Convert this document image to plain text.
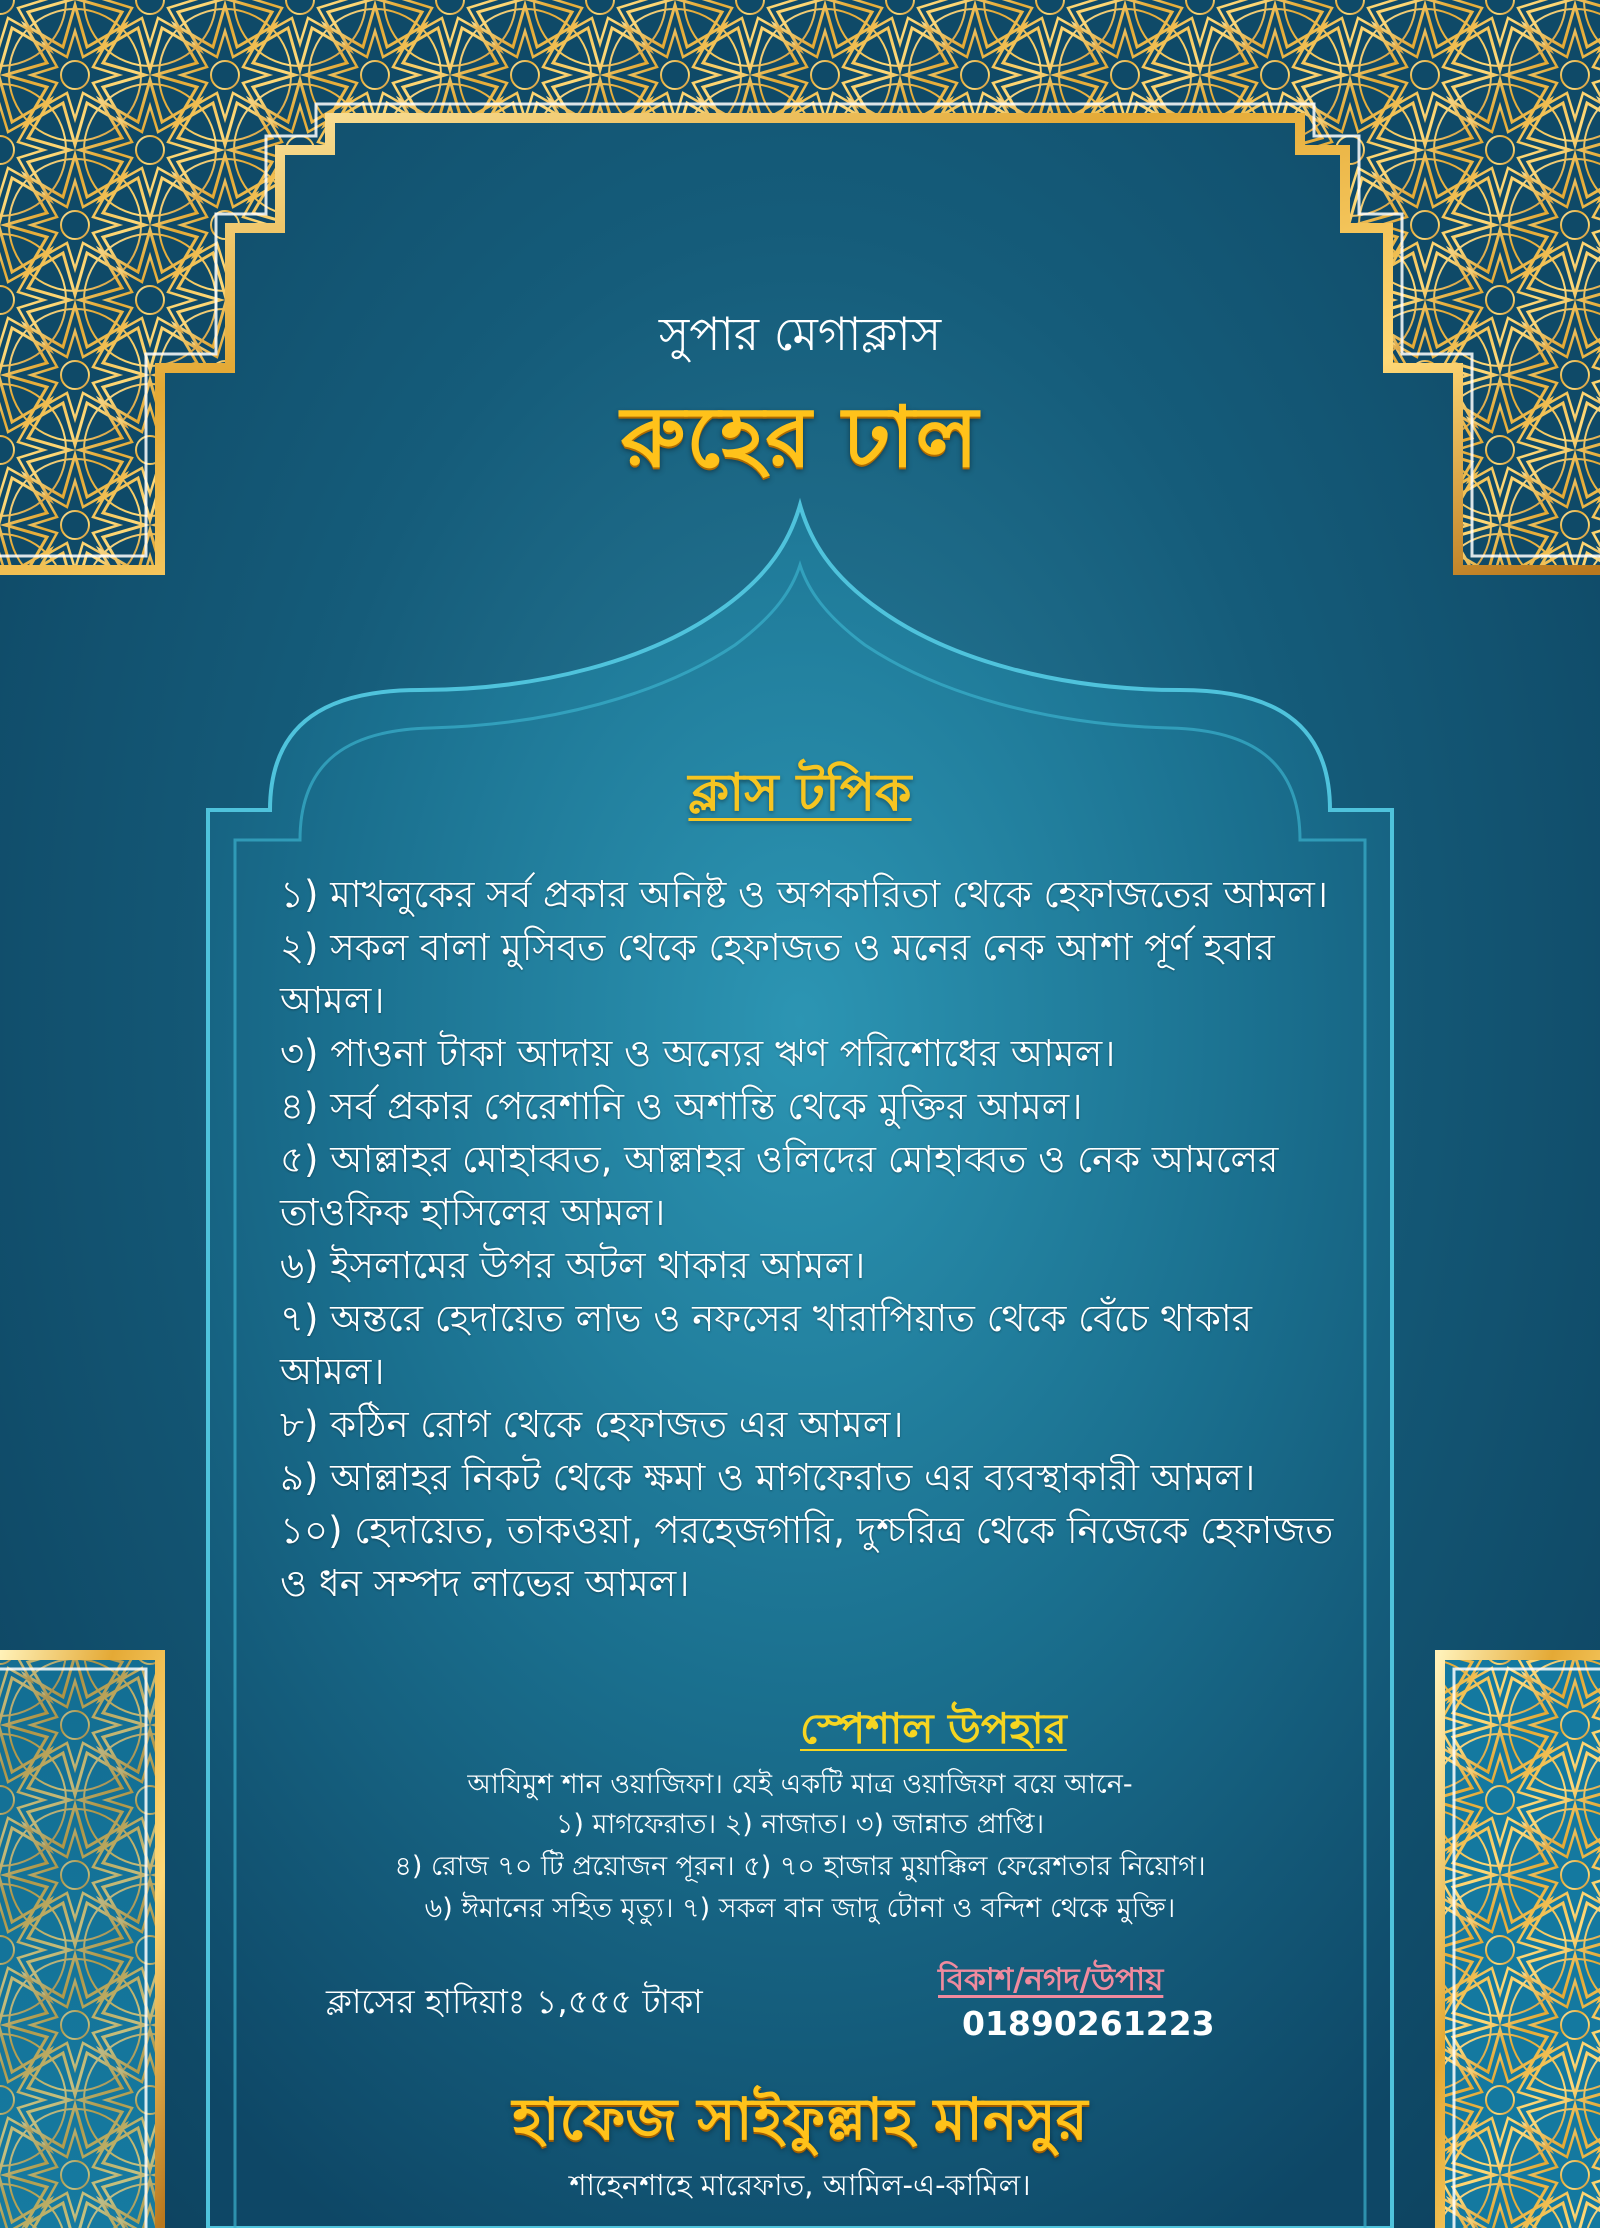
সুপার মেগাক্লাস
রুহের ঢাল
ক্লাস টপিক
১) মাখলুকের সর্ব প্রকার অনিষ্ট ও অপকারিতা থেকে হেফাজতের আমল।
২) সকল বালা মুসিবত থেকে হেফাজত ও মনের নেক আশা পূর্ণ হবার আমল।
৩) পাওনা টাকা আদায় ও অন্যের ঋণ পরিশোধের আমল।
৪) সর্ব প্রকার পেরেশানি ও অশান্তি থেকে মুক্তির আমল।
৫) আল্লাহর মোহাব্বত, আল্লাহর ওলিদের মোহাব্বত ও নেক আমলের তাওফিক হাসিলের আমল।
৬) ইসলামের উপর অটল থাকার আমল।
৭) অন্তরে হেদায়েত লাভ ও নফসের খারাপিয়াত থেকে বেঁচে থাকার আমল।
৮) কঠিন রোগ থেকে হেফাজত এর আমল।
৯) আল্লাহর নিকট থেকে ক্ষমা ও মাগফেরাত এর ব্যবস্থাকারী আমল।
১০) হেদায়েত, তাকওয়া, পরহেজগারি, দুশ্চরিত্র থেকে নিজেকে হেফাজত ও ধন সম্পদ লাভের আমল।
স্পেশাল উপহার
আযিমুশ শান ওয়াজিফা। যেই একটি মাত্র ওয়াজিফা বয়ে আনে-
১) মাগফেরাত। ২) নাজাত। ৩) জান্নাত প্রাপ্তি।
৪) রোজ ৭০ টি প্রয়োজন পূরন। ৫) ৭০ হাজার মুয়াক্কিল ফেরেশতার নিয়োগ।
৬) ঈমানের সহিত মৃত্যু। ৭) সকল বান জাদু টোনা ও বন্দিশ থেকে মুক্তি।
ক্লাসের হাদিয়াঃ ১,৫৫৫ টাকা
বিকাশ/নগদ/উপায়
01890261223
হাফেজ সাইফুল্লাহ মানসুর
শাহেনশাহে মারেফাত, আমিল-এ-কামিল।
